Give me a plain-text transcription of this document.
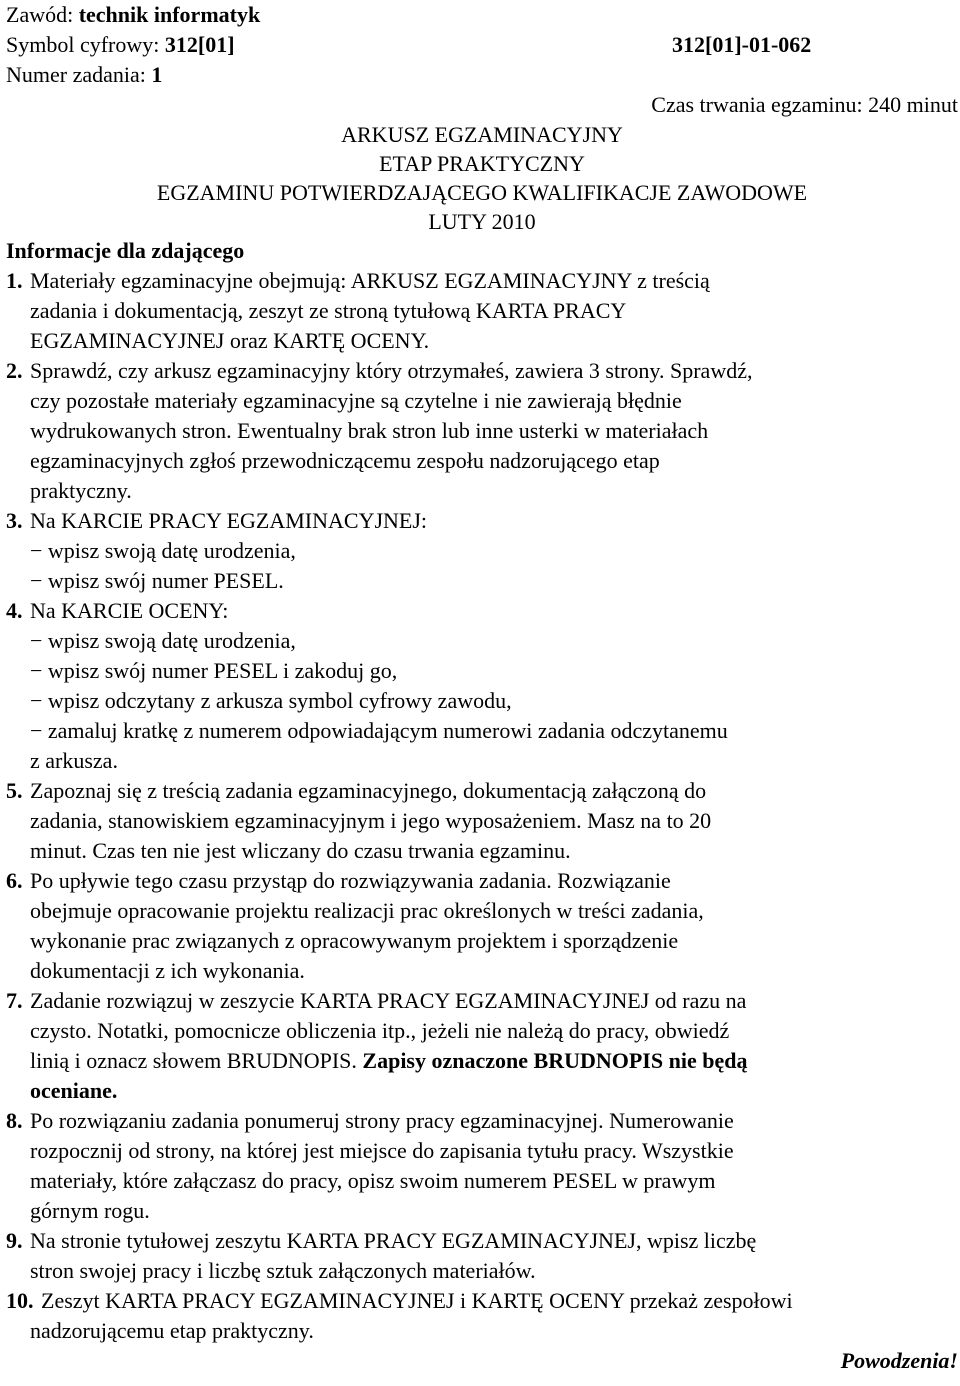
Zawód: technik informatyk
Symbol cyfrowy: 312[01]	312[01]-01-062
Numer zadania: 1
Czas trwania egzaminu: 240 minut
ARKUSZ EGZAMINACYJNY
ETAP PRAKTYCZNY
EGZAMINU POTWIERDZAJĄCEGO KWALIFIKACJE ZAWODOWE
LUTY 2010
Informacje dla zdającego
1. Materiały egzaminacyjne obejmują: ARKUSZ EGZAMINACYJNY z treścią
zadania i dokumentacją, zeszyt ze stroną tytułową KARTA PRACY
EGZAMINACYJNEJ oraz KARTĘ OCENY.
2. Sprawdź, czy arkusz egzaminacyjny który otrzymałeś, zawiera 3 strony. Sprawdź,
czy pozostałe materiały egzaminacyjne są czytelne i nie zawierają błędnie
wydrukowanych stron. Ewentualny brak stron lub inne usterki w materiałach
egzaminacyjnych zgłoś przewodniczącemu zespołu nadzorującego etap
praktyczny.
3. Na KARCIE PRACY EGZAMINACYJNEJ:
− wpisz swoją datę urodzenia,
− wpisz swój numer PESEL.
4. Na KARCIE OCENY:
− wpisz swoją datę urodzenia,
− wpisz swój numer PESEL i zakoduj go,
− wpisz odczytany z arkusza symbol cyfrowy zawodu,
− zamaluj kratkę z numerem odpowiadającym numerowi zadania odczytanemu
z arkusza.
5. Zapoznaj się z treścią zadania egzaminacyjnego, dokumentacją załączoną do
zadania, stanowiskiem egzaminacyjnym i jego wyposażeniem. Masz na to 20
minut. Czas ten nie jest wliczany do czasu trwania egzaminu.
6. Po upływie tego czasu przystąp do rozwiązywania zadania. Rozwiązanie
obejmuje opracowanie projektu realizacji prac określonych w treści zadania,
wykonanie prac związanych z opracowywanym projektem i sporządzenie
dokumentacji z ich wykonania.
7. Zadanie rozwiązuj w zeszycie KARTA PRACY EGZAMINACYJNEJ od razu na
czysto. Notatki, pomocnicze obliczenia itp., jeżeli nie należą do pracy, obwiedź
linią i oznacz słowem BRUDNOPIS. Zapisy oznaczone BRUDNOPIS nie będą
oceniane.
8. Po rozwiązaniu zadania ponumeruj strony pracy egzaminacyjnej. Numerowanie
rozpocznij od strony, na której jest miejsce do zapisania tytułu pracy. Wszystkie
materiały, które załączasz do pracy, opisz swoim numerem PESEL w prawym
górnym rogu.
9. Na stronie tytułowej zeszytu KARTA PRACY EGZAMINACYJNEJ, wpisz liczbę
stron swojej pracy i liczbę sztuk załączonych materiałów.
10. Zeszyt KARTA PRACY EGZAMINACYJNEJ i KARTĘ OCENY przekaż zespołowi
nadzorującemu etap praktyczny.
Powodzenia!
